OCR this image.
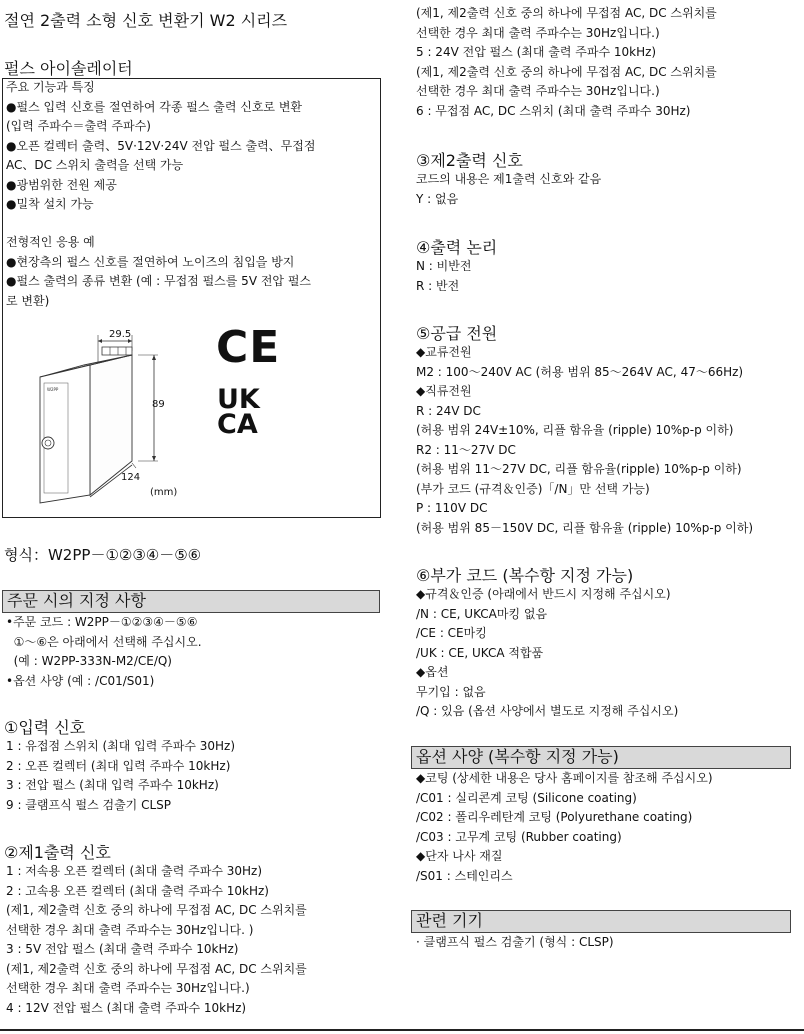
절연 2출력 소형 신호 변환기 W2 시리즈
펄스 아이솔레이터
주요 기능과 특징
●펄스 입력 신호를 절연하여 각종 펄스 출력 신호로 변환
(입력 주파수＝출력 주파수)
●오픈 컬렉터 출력、5V·12V·24V 전압 펄스 출력、무접점
AC、DC 스위치 출력을 선택 가능
●광범위한 전원 제공
●밀착 설치 가능
전형적인 응용 예
●현장측의 펄스 신호를 절연하여 노이즈의 침입을 방지
●펄스 출력의 종류 변환 (예 : 무접점 펄스를 5V 전압 펄스
로 변환)
W2PP
29.5
89
124
(mm)
CE
UK
CA
형식：W2PP－①②③④－⑤⑥
주문 시의 지정 사항
•주문 코드 : W2PP－①②③④－⑤⑥
①～⑥은 아래에서 선택해 주십시오.
(예 : W2PP-333N-M2/CE/Q)
•옵션 사양 (예 : /C01/S01)
①입력 신호
1 : 유접점 스위치 (최대 입력 주파수 30Hz)
2 : 오픈 컬렉터 (최대 입력 주파수 10kHz)
3 : 전압 펄스 (최대 입력 주파수 10kHz)
9 : 클램프식 펄스 검출기 CLSP
②제1출력 신호
1 : 저속용 오픈 컬렉터 (최대 출력 주파수 30Hz)
2 : 고속용 오픈 컬렉터 (최대 출력 주파수 10kHz)
(제1, 제2출력 신호 중의 하나에 무접점 AC, DC 스위치를
선택한 경우 최대 출력 주파수는 30Hz입니다. )
3 : 5V 전압 펄스 (최대 출력 주파수 10kHz)
(제1, 제2출력 신호 중의 하나에 무접점 AC, DC 스위치를
선택한 경우 최대 출력 주파수는 30Hz입니다.)
4 : 12V 전압 펄스 (최대 출력 주파수 10kHz)
(제1, 제2출력 신호 중의 하나에 무접점 AC, DC 스위치를
선택한 경우 최대 출력 주파수는 30Hz입니다.)
5 : 24V 전압 펄스 (최대 출력 주파수 10kHz)
(제1, 제2출력 신호 중의 하나에 무접점 AC, DC 스위치를
선택한 경우 최대 출력 주파수는 30Hz입니다.)
6 : 무접점 AC, DC 스위치 (최대 출력 주파수 30Hz)
③제2출력 신호
코드의 내용은 제1출력 신호와 같음
Y : 없음
④출력 논리
N : 비반전
R : 반전
⑤공급 전원
◆교류전원
M2 : 100～240V AC (허용 범위 85～264V AC, 47～66Hz)
◆직류전원
R : 24V DC
(허용 범위 24V±10%, 리플 함유율 (ripple) 10%p-p 이하)
R2 : 11～27V DC
(허용 범위 11～27V DC, 리플 함유율(ripple) 10%p-p 이하)
(부가 코드 (규격＆인증)「/N」만 선택 가능)
P : 110V DC
(허용 범위 85－150V DC, 리플 함유율 (ripple) 10%p-p 이하)
⑥부가 코드 (복수항 지정 가능)
◆규격＆인증 (아래에서 반드시 지정해 주십시오)
/N : CE, UKCA마킹 없음
/CE : CE마킹
/UK : CE, UKCA 적합품
◆옵션
무기입 : 없음
/Q : 있음 (옵션 사양에서 별도로 지정해 주십시오)
옵션 사양 (복수항 지정 가능)
◆코팅 (상세한 내용은 당사 홈페이지를 참조해 주십시오)
/C01 : 실리콘계 코팅 (Silicone coating)
/C02 : 폴리우레탄계 코팅 (Polyurethane coating)
/C03 : 고무계 코팅 (Rubber coating)
◆단자 나사 재질
/S01 : 스테인리스
관련 기기
· 클램프식 펄스 검출기 (형식 : CLSP)
